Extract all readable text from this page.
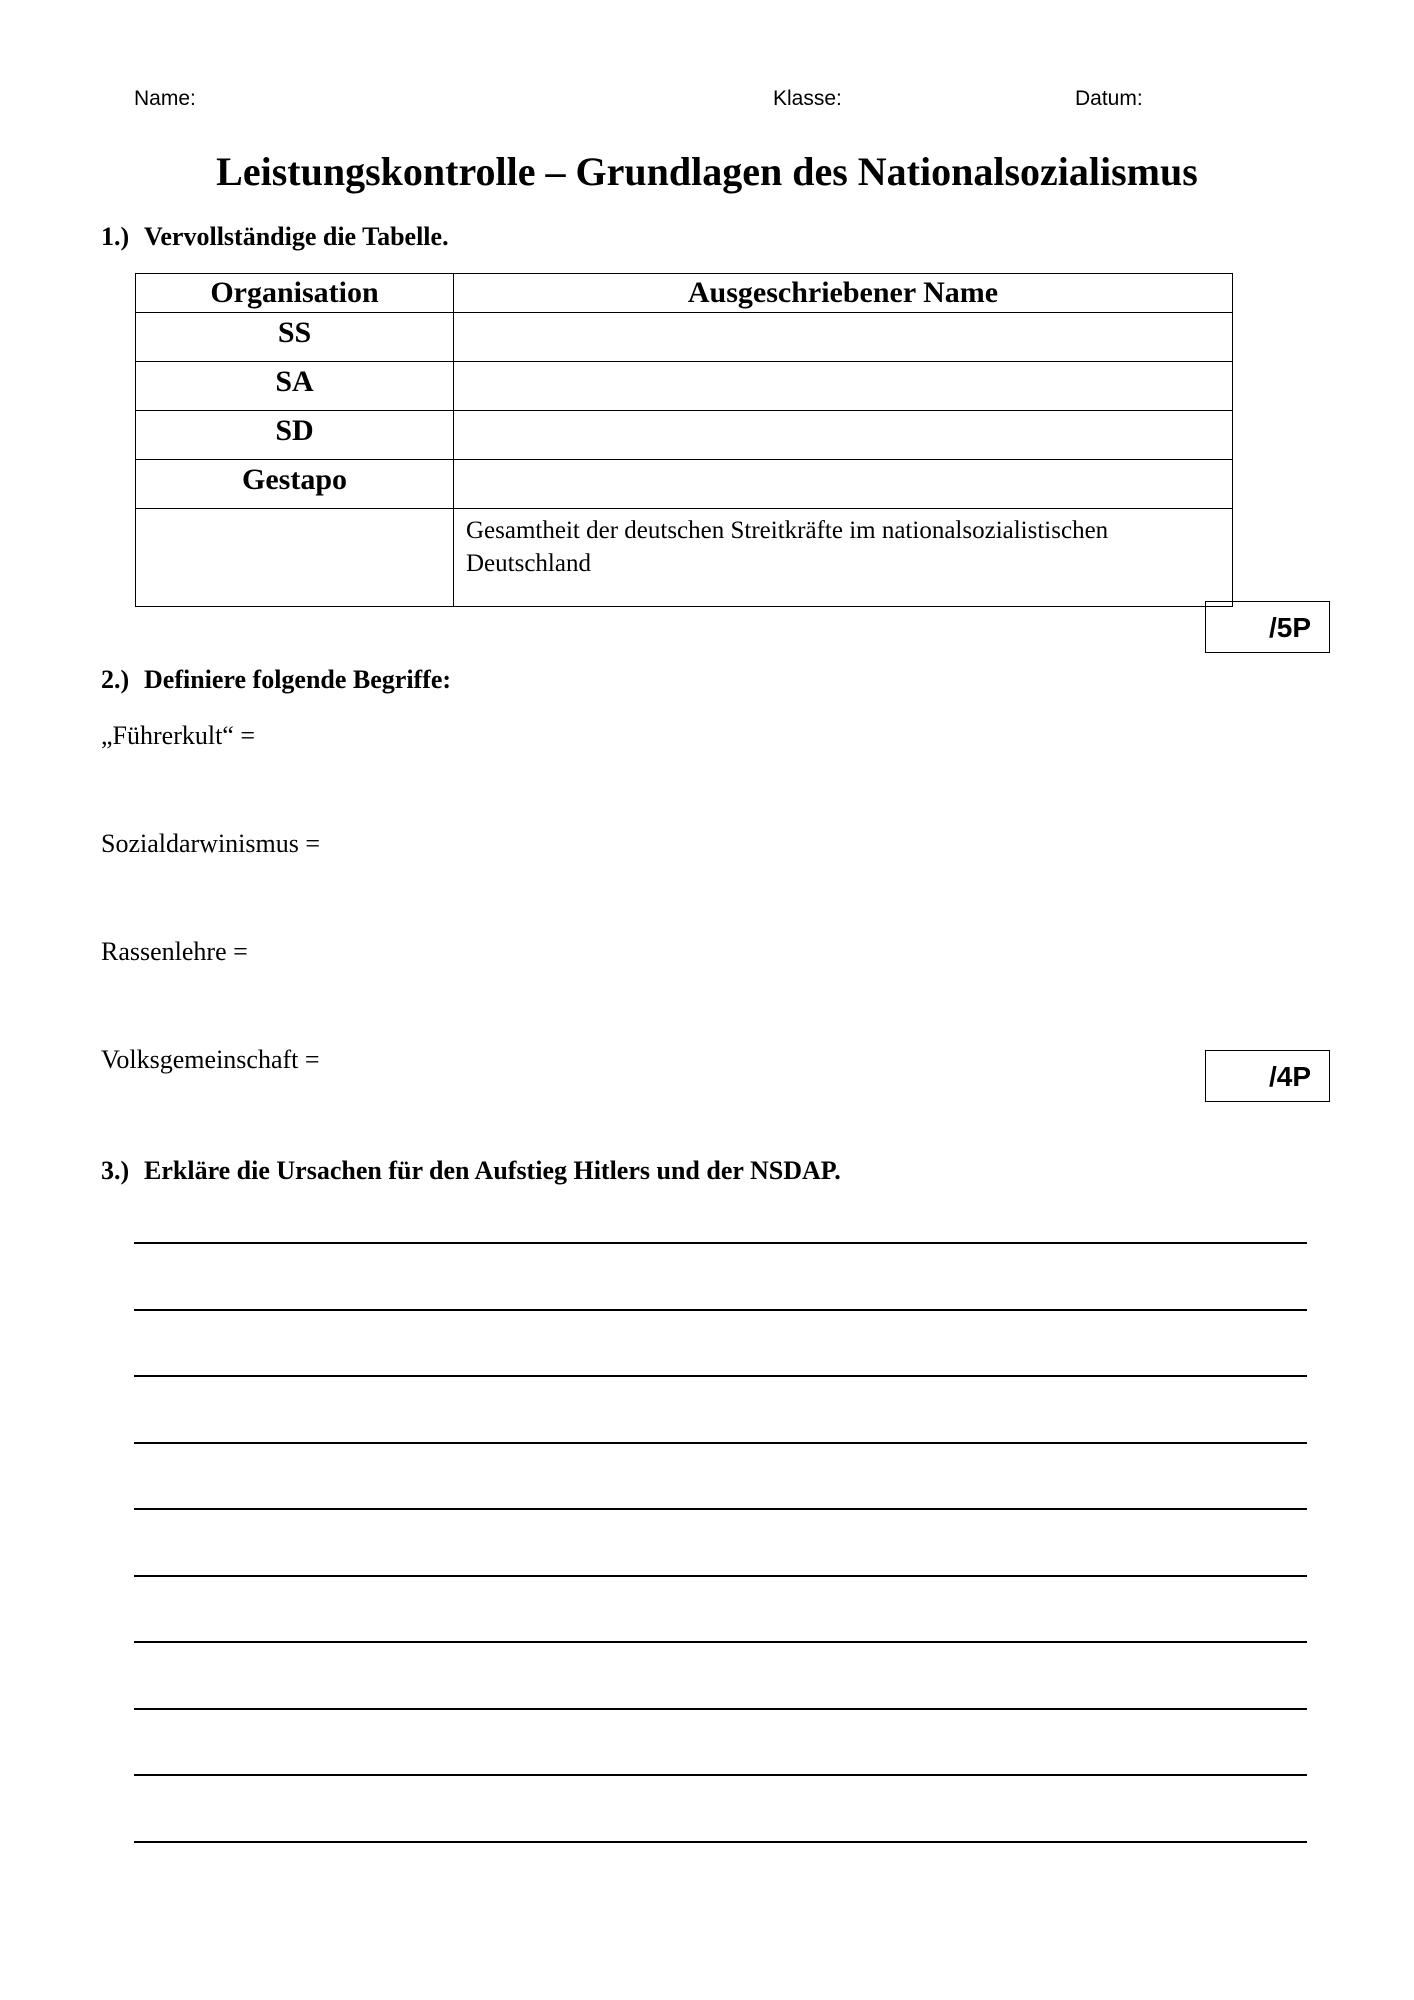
Name:	Klasse:	Datum:
Leistungskontrolle – Grundlagen des Nationalsozialismus
1.) Vervollständige die Tabelle.
Organisation	Ausgeschriebener Name
SS	
SA	
SD	
Gestapo	
	Gesamtheit der deutschen Streitkräfte im nationalsozialistischen Deutschland
/5P
2.) Definiere folgende Begriffe:
„Führerkult“ =
Sozialdarwinismus =
Rassenlehre =
Volksgemeinschaft =
/4P
3.) Erkläre die Ursachen für den Aufstieg Hitlers und der NSDAP.
